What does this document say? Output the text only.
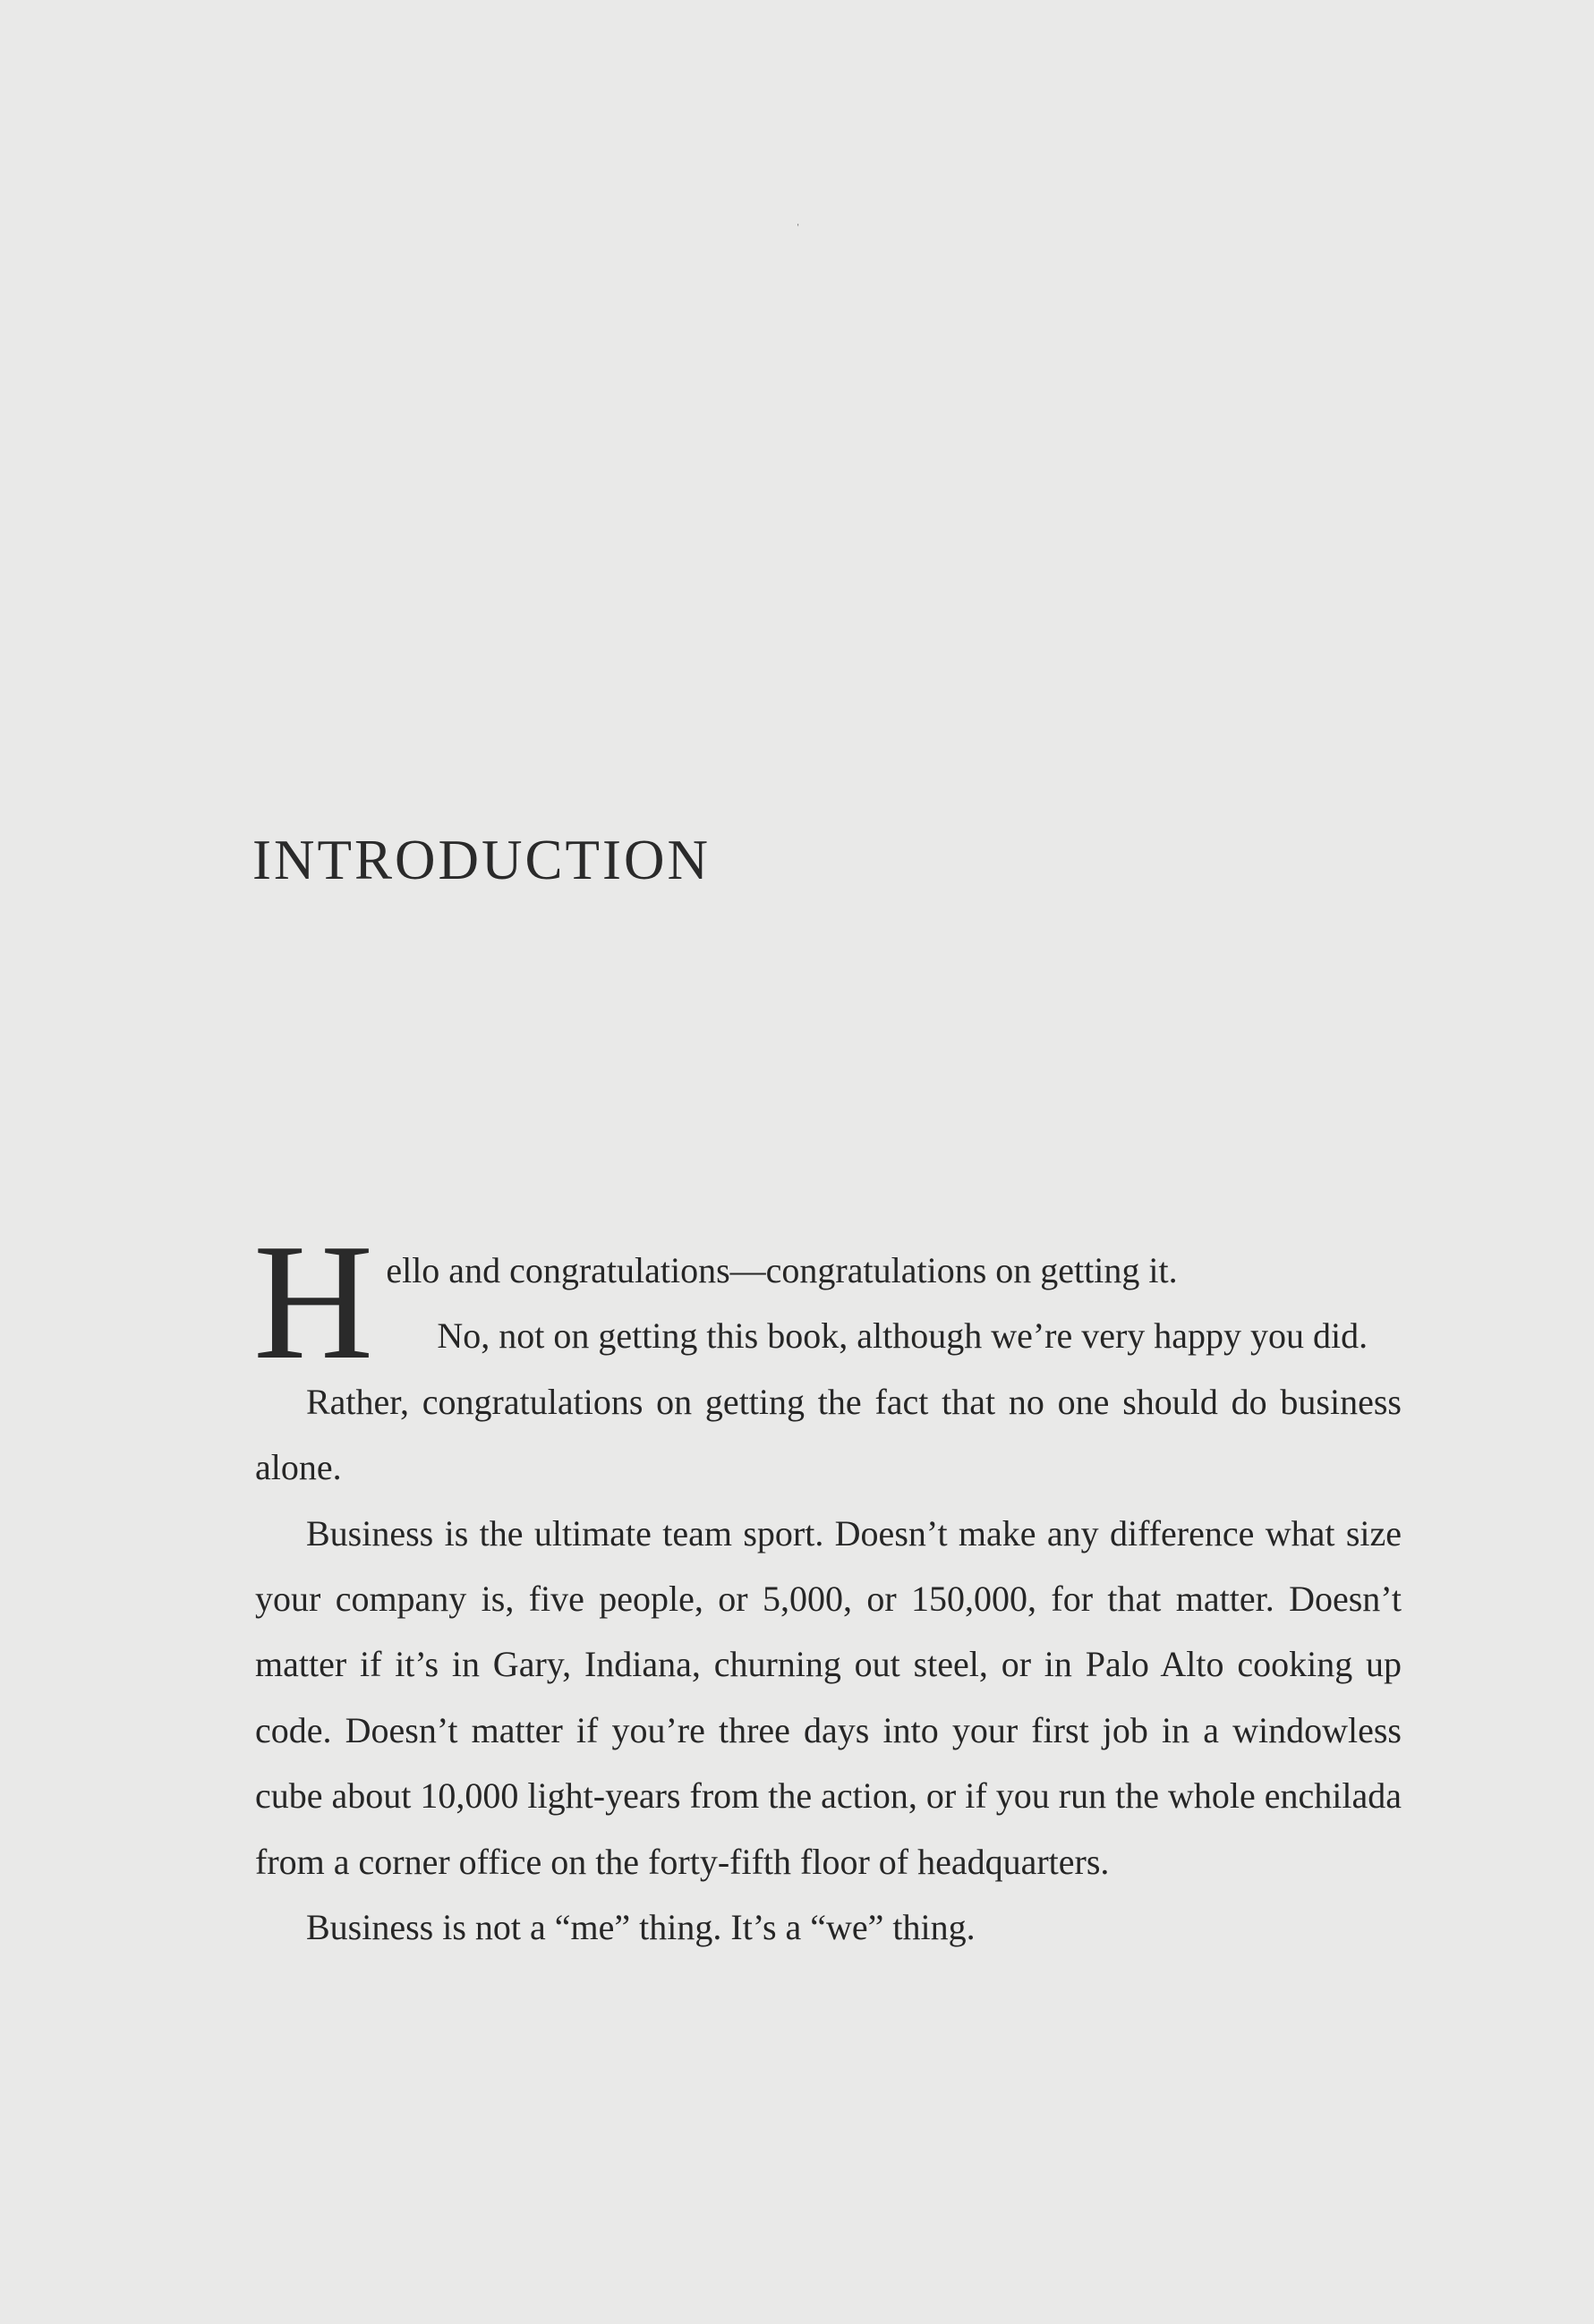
ˈ
INTRODUCTION

Hello and congratulations—congratulations on getting it.
No, not on getting this book, although we’re very happy you did.

Rather, congratulations on getting the fact that no one should do business alone.

Business is the ultimate team sport. Doesn’t make any difference what size your company is, five people, or 5,000, or 150,000, for that matter. Doesn’t matter if it’s in Gary, Indiana, churning out steel, or in Palo Alto cooking up code. Doesn’t matter if you’re three days into your first job in a windowless cube about 10,000 light-years from the action, or if you run the whole enchilada from a corner office on the forty-fifth floor of headquarters.

Business is not a “me” thing. It’s a “we” thing.
